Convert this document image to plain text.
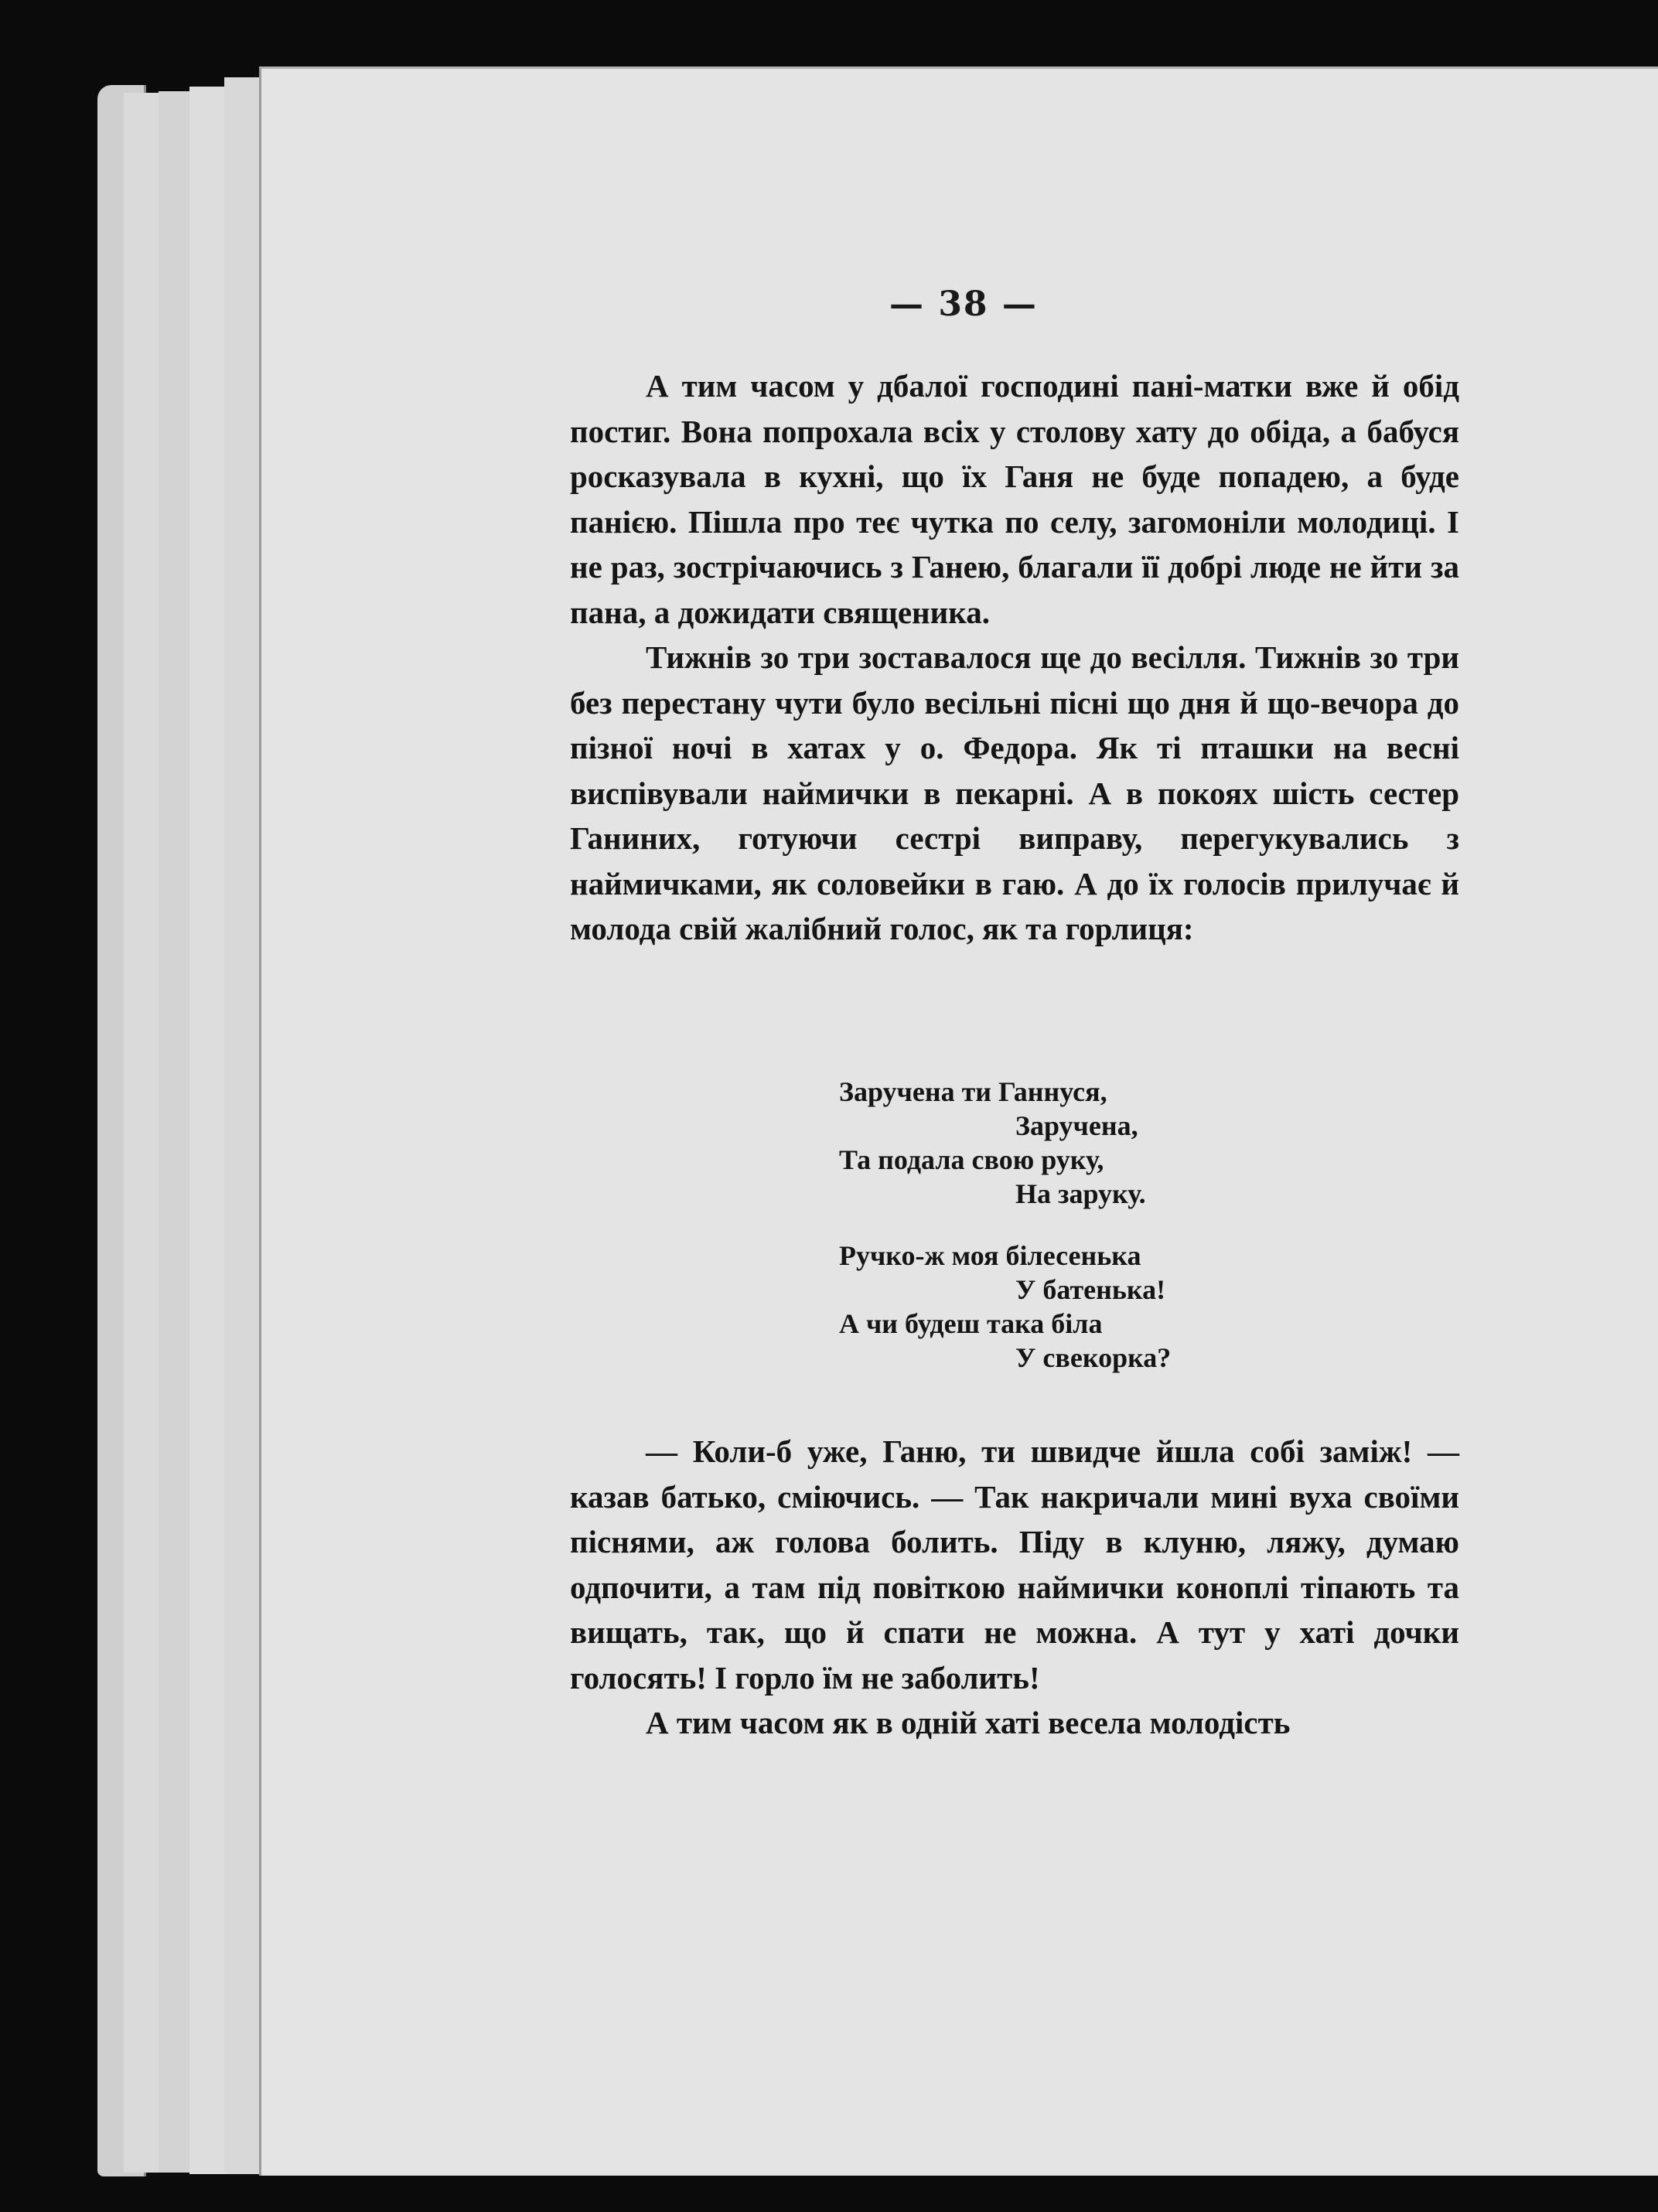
— 38 —

А тим часом у дбалої господині пані-матки вже й обід постиг. Вона попрохала всіх у столову хату до обіда, а бабуся росказувала в кухні, що їх Ганя не буде попадею, а буде панією. Пішла про теє чутка по селу, загомоніли молодиці. І не раз, зострічаючись з Ганею, благали її добрі люде не йти за пана, а дожидати священика.

Тижнів зо три зоставалося ще до весілля. Тижнів зо три без перестану чути було весільні пісні що дня й що-вечора до пізної ночі в хатах у о. Федора. Як ті пташки на весні виспівували наймички в пекарні. А в покоях шість сестер Ганиних, готуючи сестрі виправу, перегукувались з наймичками, як соловейки в гаю. А до їх голосів прилучає й молода свій жалібний голос, як та горлиця:

Заручена ти Ганнуся,
Заручена,
Та подала свою руку,
На заруку.
Ручко-ж моя білесенька
У батенька!
А чи будеш така біла
У свекорка?

— Коли-б уже, Ганю, ти швидче йшла собі заміж! — казав батько, сміючись. — Так накричали мині вуха своїми піснями, аж голова болить. Піду в клуню, ляжу, думаю одпочити, а там під повіткою наймички коноплі тіпають та вищать, так, що й спати не можна. А тут у хаті дочки голосять! І горло їм не заболить!

А тим часом як в одній хаті весела молодість
